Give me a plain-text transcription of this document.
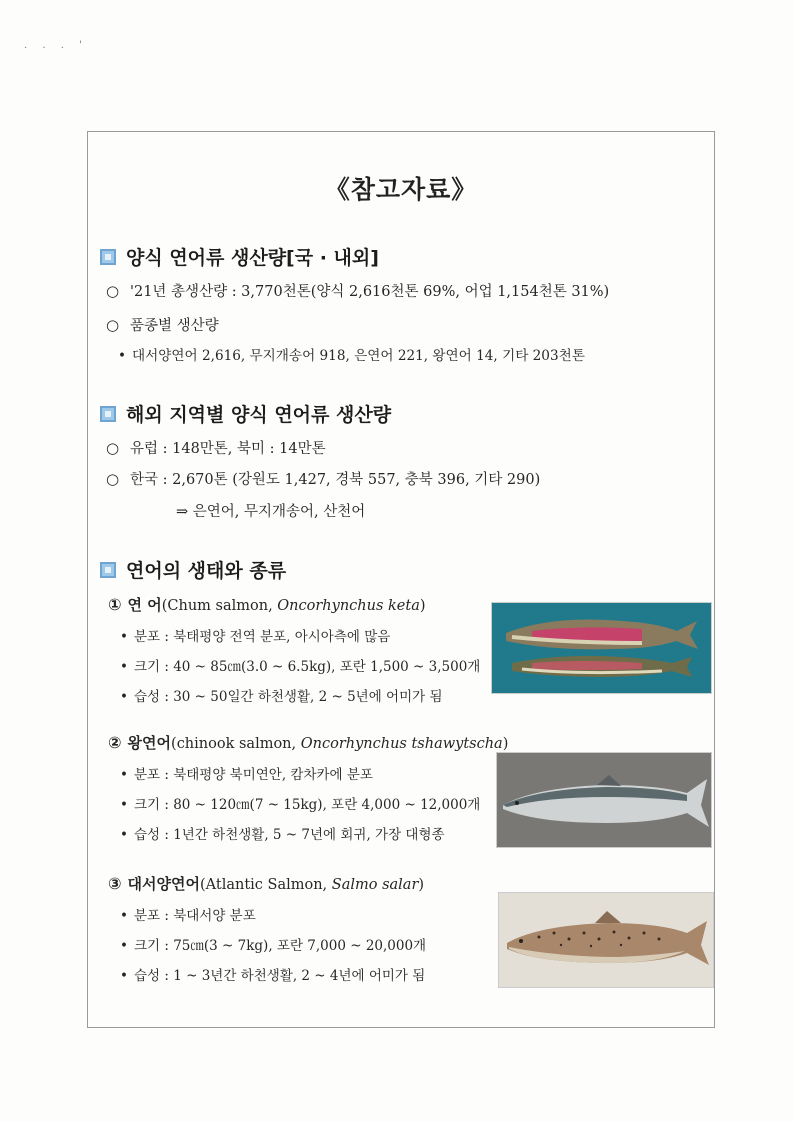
. . . '
《참고자료》
양식 연어류 생산량[국 · 내외]
○ '21년 총생산량 : 3,770천톤(양식 2,616천톤 69%, 어업 1,154천톤 31%)
○ 품종별 생산량
• 대서양연어 2,616, 무지개송어 918, 은연어 221, 왕연어 14, 기타 203천톤
해외 지역별 양식 연어류 생산량
○ 유럽 : 148만톤, 북미 : 14만톤
○ 한국 : 2,670톤 (강원도 1,427, 경북 557, 충북 396, 기타 290)
⇒ 은연어, 무지개송어, 산천어
연어의 생태와 종류
① 연 어(Chum salmon, Oncorhynchus keta)
• 분포 : 북태평양 전역 분포, 아시아측에 많음
• 크기 : 40 ~ 85㎝(3.0 ~ 6.5kg), 포란 1,500 ~ 3,500개
• 습성 : 30 ~ 50일간 하천생활, 2 ~ 5년에 어미가 됨
② 왕연어(chinook salmon, Oncorhynchus tshawytscha)
• 분포 : 북태평양 북미연안, 캄차카에 분포
• 크기 : 80 ~ 120㎝(7 ~ 15kg), 포란 4,000 ~ 12,000개
• 습성 : 1년간 하천생활, 5 ~ 7년에 회귀, 가장 대형종
③ 대서양연어(Atlantic Salmon, Salmo salar)
• 분포 : 북대서양 분포
• 크기 : 75㎝(3 ~ 7kg), 포란 7,000 ~ 20,000개
• 습성 : 1 ~ 3년간 하천생활, 2 ~ 4년에 어미가 됨
